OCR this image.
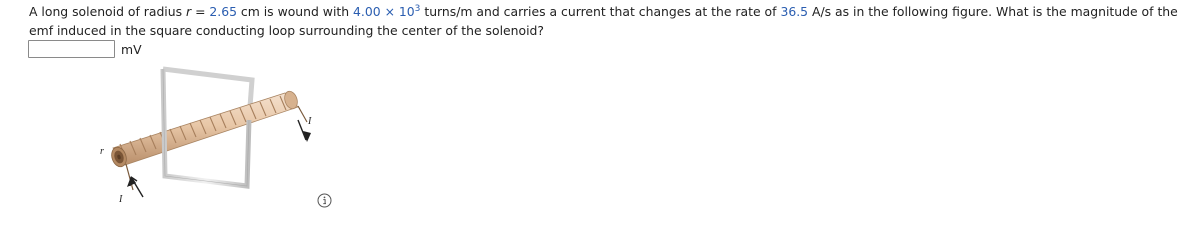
A long solenoid of radius r = 2.65 cm is wound with $4.00 \times 10^3$ turns/m and carries a current that changes at the rate of 36.5 A/s as in the following figure. What is the magnitude of the emf induced in the square conducting loop surrounding the center of the solenoid?

mV
r
I
I
